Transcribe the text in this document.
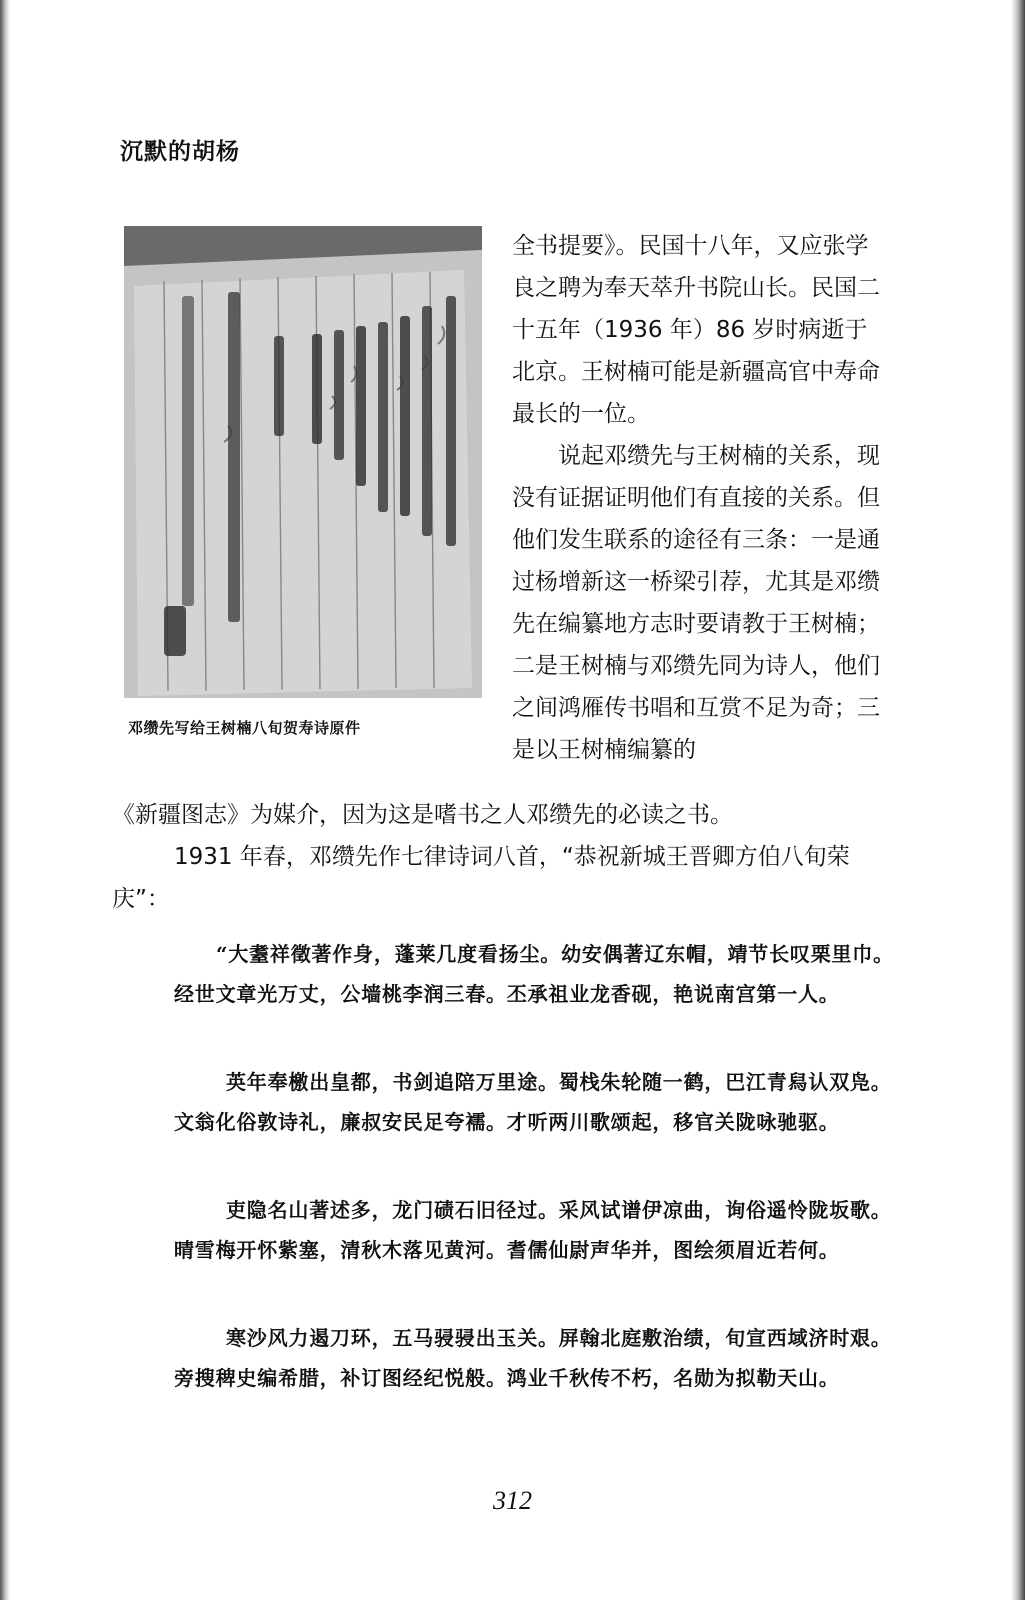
沉默的胡杨
邓缵先写给王树楠八旬贺寿诗原件

全书提要》。民国十八年，又应张学良之聘为奉天萃升书院山长。民国二十五年（1936 年）86 岁时病逝于北京。王树楠可能是新疆高官中寿命最长的一位。
说起邓缵先与王树楠的关系，现没有证据证明他们有直接的关系。但他们发生联系的途径有三条：一是通过杨增新这一桥梁引荐，尤其是邓缵先在编纂地方志时要请教于王树楠；二是王树楠与邓缵先同为诗人，他们之间鸿雁传书唱和互赏不足为奇；三是以王树楠编纂的

《新疆图志》为媒介，因为这是嗜书之人邓缵先的必读之书。

1931 年春，邓缵先作七律诗词八首，“恭祝新城王晋卿方伯八旬荣庆”：

“大耋祥徵著作身，蓬莱几度看扬尘。幼安偶著辽东帽，靖节长叹栗里巾。经世文章光万丈，公墙桃李润三春。丕承祖业龙香砚，艳说南宫第一人。

英年奉檄出皇都，书剑追陪万里途。蜀栈朱轮随一鹤，巴江青舄认双凫。文翁化俗敦诗礼，廉叔安民足夸襦。才听两川歌颂起，移官关陇咏驰驱。

吏隐名山著述多，龙门碛石旧径过。采风试谱伊凉曲，询俗遥怜陇坂歌。晴雪梅开怀紫塞，清秋木落见黄河。耆儒仙尉声华并，图绘须眉近若何。

寒沙风力遏刀环，五马骎骎出玉关。屏翰北庭敷治绩，旬宣西域济时艰。旁搜稗史编希腊，补订图经纪悦般。鸿业千秋传不朽，名勋为拟勒天山。

312
